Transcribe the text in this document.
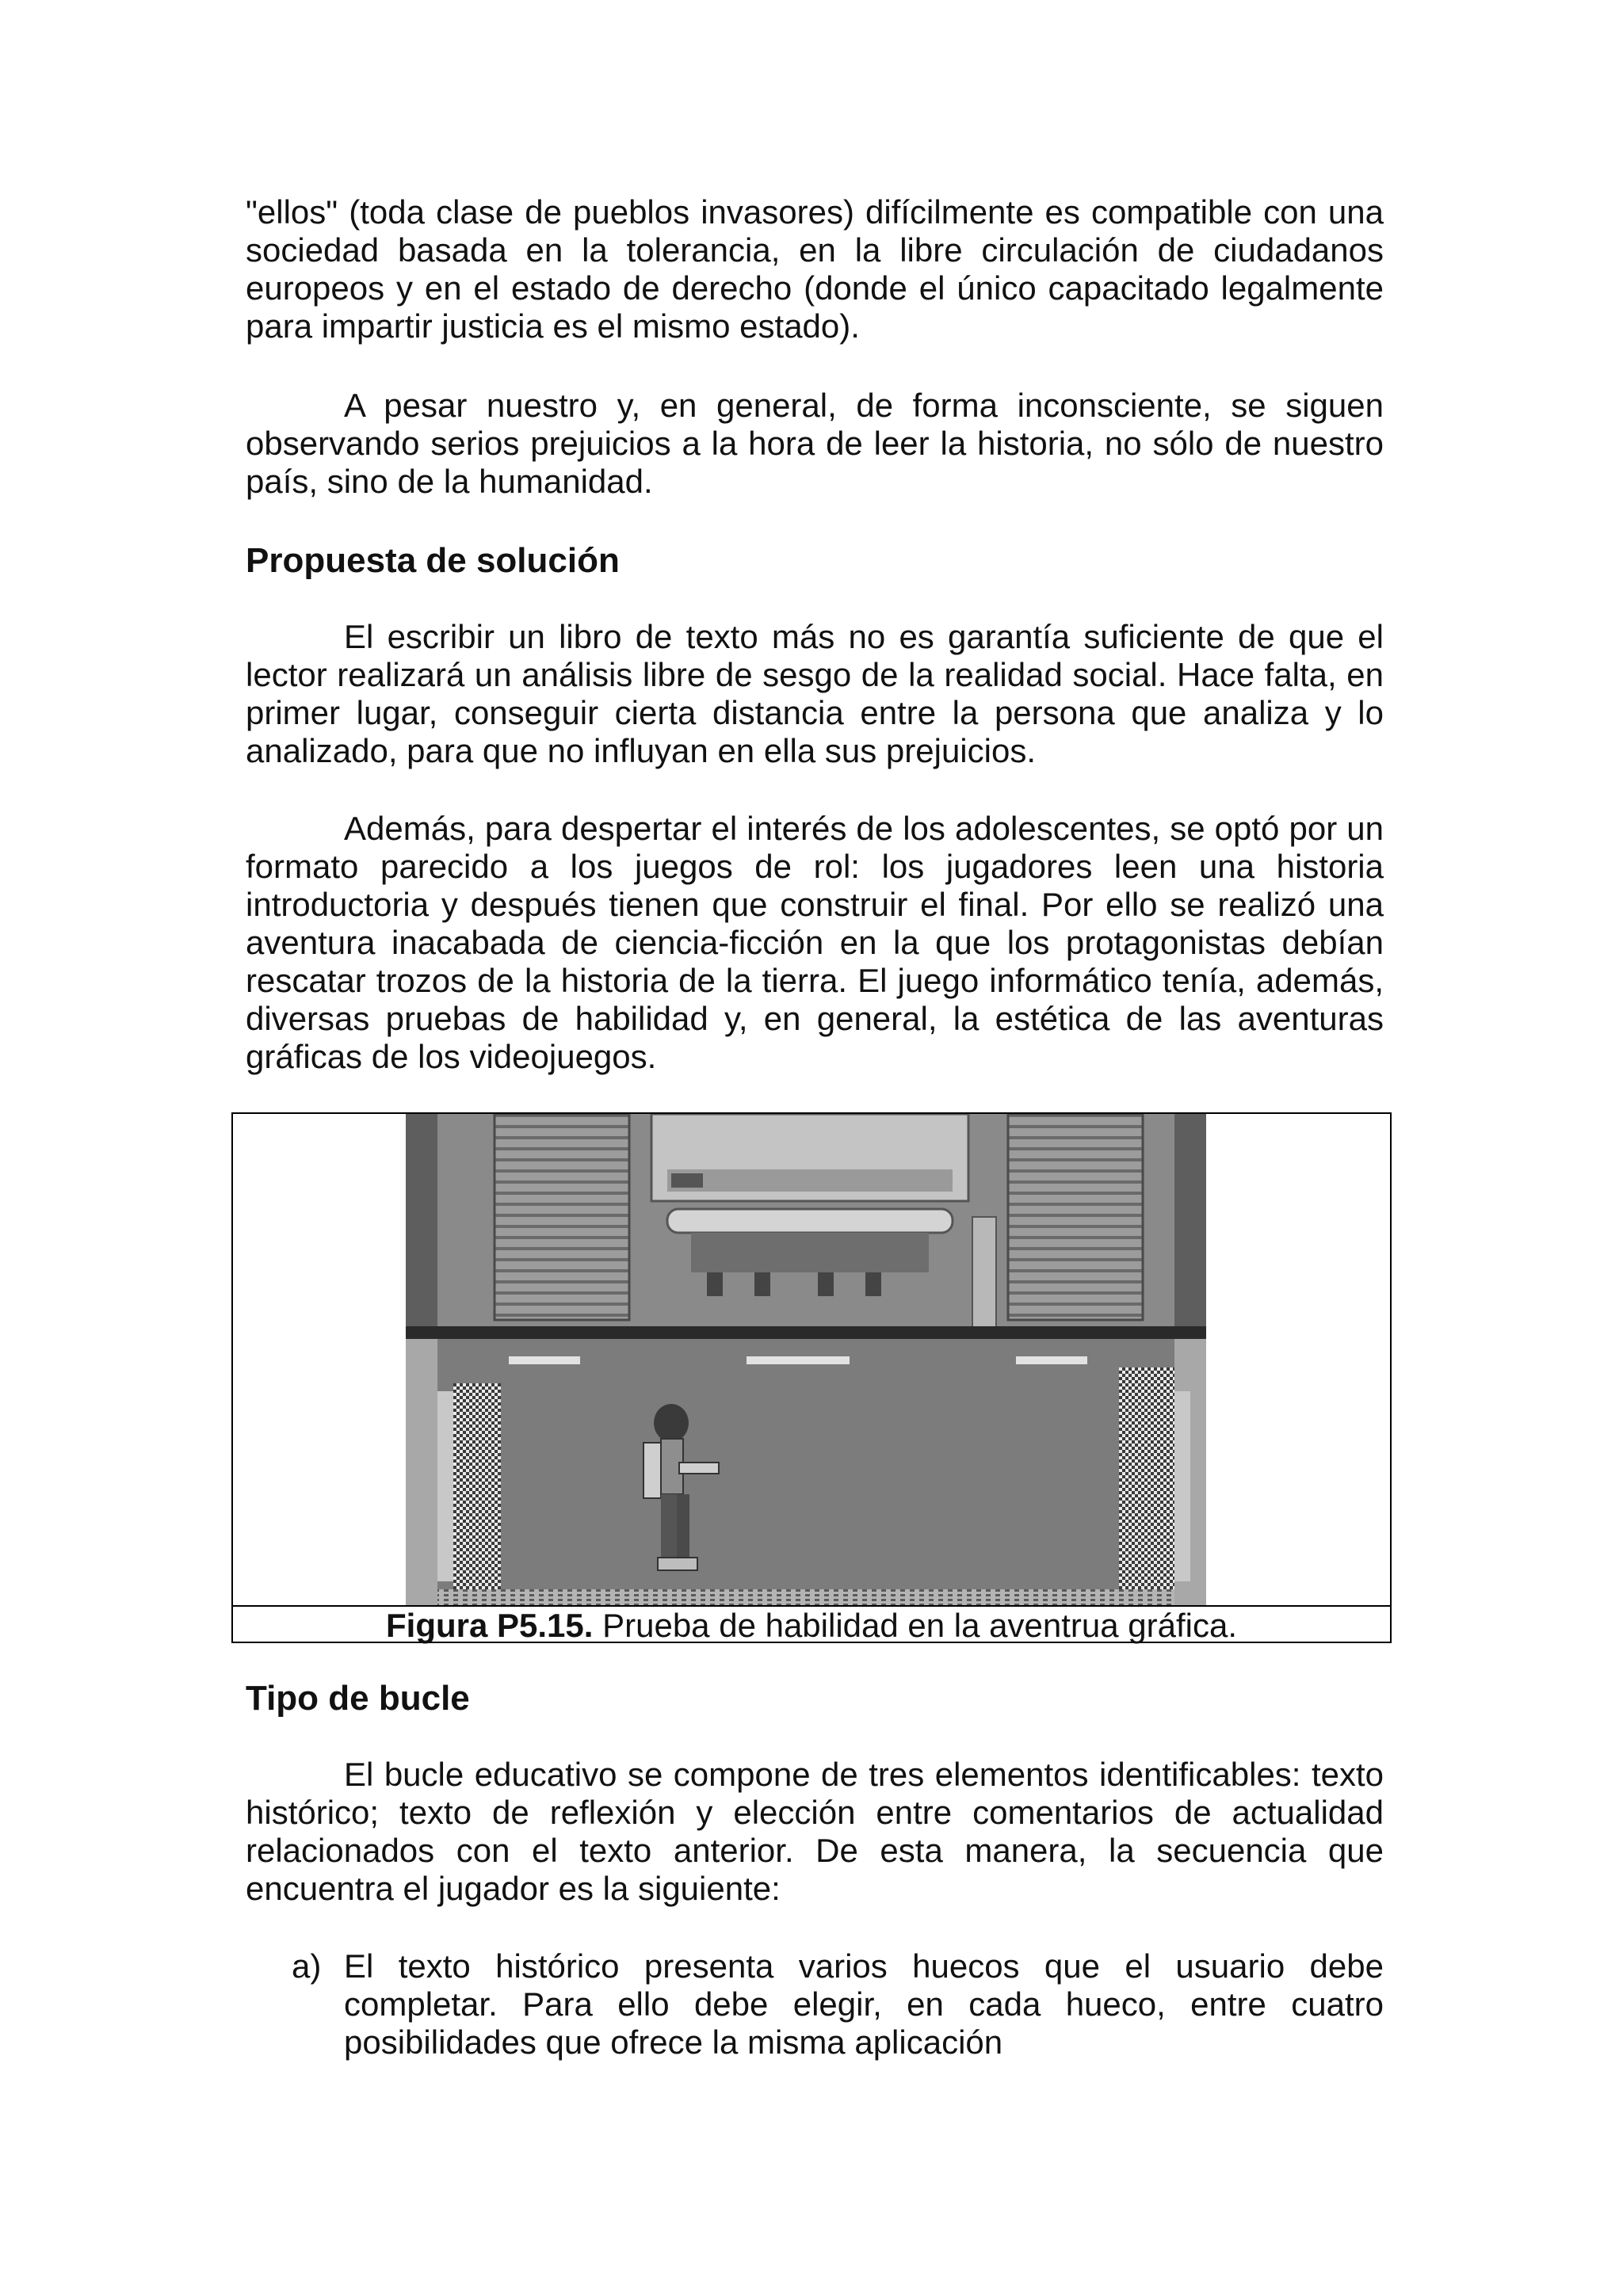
"ellos" (toda clase de pueblos invasores) difícilmente es compatible con una sociedad basada en la tolerancia, en la libre circulación de ciudadanos europeos y en el estado de derecho (donde el único capacitado legalmente para impartir justicia es el mismo estado).

A pesar nuestro y, en general, de forma inconsciente, se siguen observando serios prejuicios a la hora de leer la historia, no sólo de nuestro país, sino de la humanidad.

Propuesta de solución

El escribir un libro de texto más no es garantía suficiente de que el lector realizará un análisis libre de sesgo de la realidad social. Hace falta, en primer lugar, conseguir cierta distancia entre la persona que analiza y lo analizado, para que no influyan en ella sus prejuicios.

Además, para despertar el interés de los adolescentes, se optó por un formato parecido a los juegos de rol: los jugadores leen una historia introductoria y después tienen que construir el final. Por ello se realizó una aventura inacabada de ciencia-ficción en la que los protagonistas debían rescatar trozos de la historia de la tierra. El juego informático tenía, además, diversas pruebas de habilidad y, en general, la estética de las aventuras gráficas de los videojuegos.

Figura P5.15. Prueba de habilidad en la aventrua gráfica.
Tipo de bucle

El bucle educativo se compone de tres elementos identificables: texto histórico; texto de reflexión y elección entre comentarios de actualidad relacionados con el texto anterior. De esta manera, la secuencia que encuentra el jugador es la siguiente:

a) El texto histórico presenta varios huecos que el usuario debe completar. Para ello debe elegir, en cada hueco, entre cuatro posibilidades que ofrece la misma aplicación
